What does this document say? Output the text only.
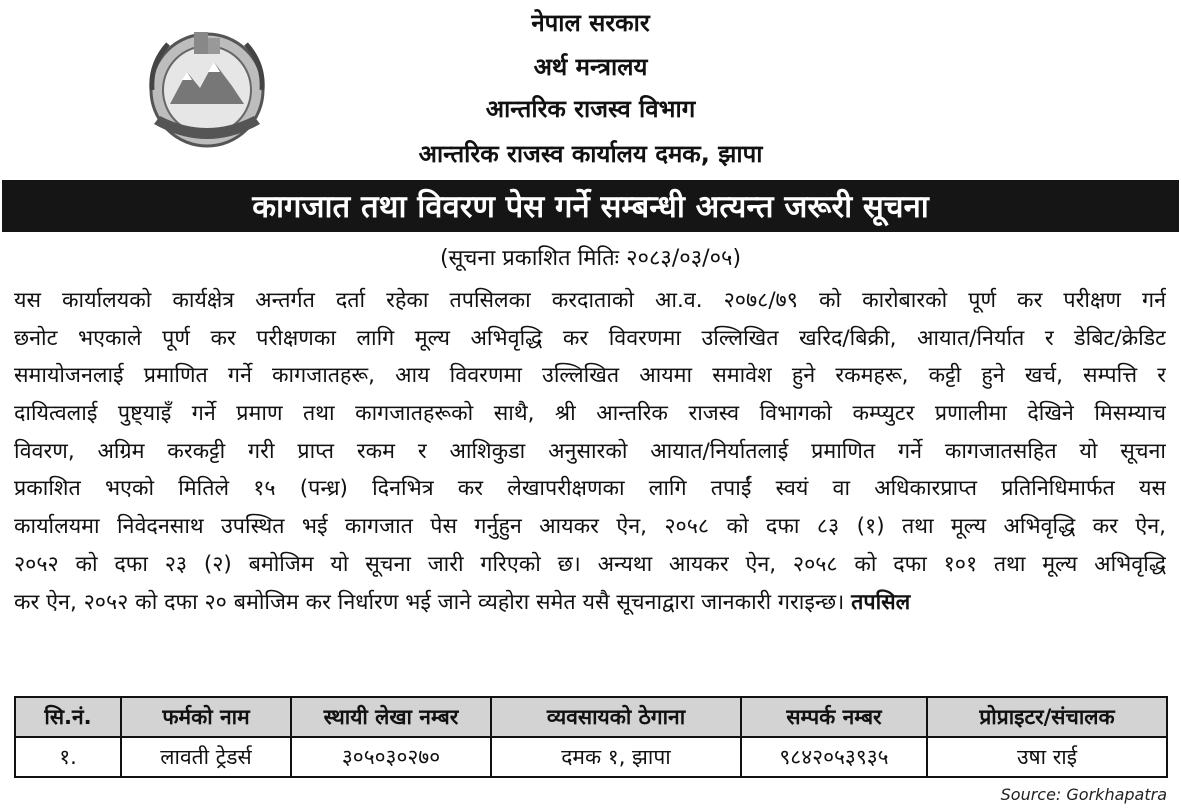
नेपाल सरकार
अर्थ मन्त्रालय
आन्तरिक राजस्व विभाग
आन्तरिक राजस्व कार्यालय दमक, झापा
कागजात तथा विवरण पेस गर्ने सम्बन्धी अत्यन्त जरूरी सूचना
(सूचना प्रकाशित मितिः २०८३/०३/०५)
यस कार्यालयको कार्यक्षेत्र अन्तर्गत दर्ता रहेका तपसिलका करदाताको आ.व. २०७८/७९ को कारोबारको पूर्ण कर परीक्षण गर्न
छनोट भएकाले पूर्ण कर परीक्षणका लागि मूल्य अभिवृद्धि कर विवरणमा उल्लिखित खरिद/बिक्री, आयात/निर्यात र डेबिट/क्रेडिट
समायोजनलाई प्रमाणित गर्ने कागजातहरू, आय विवरणमा उल्लिखित आयमा समावेश हुने रकमहरू, कट्टी हुने खर्च, सम्पत्ति र
दायित्वलाई पुष्ट्याइँ गर्ने प्रमाण तथा कागजातहरूको साथै, श्री आन्तरिक राजस्व विभागको कम्प्युटर प्रणालीमा देखिने मिसम्याच
विवरण, अग्रिम करकट्टी गरी प्राप्त रकम र आशिकुडा अनुसारको आयात/निर्यातलाई प्रमाणित गर्ने कागजातसहित यो सूचना
प्रकाशित भएको मितिले १५ (पन्ध्र) दिनभित्र कर लेखापरीक्षणका लागि तपाईं स्वयं वा अधिकारप्राप्त प्रतिनिधिमार्फत यस
कार्यालयमा निवेदनसाथ उपस्थित भई कागजात पेस गर्नुहुन आयकर ऐन, २०५८ को दफा ८३ (१) तथा मूल्य अभिवृद्धि कर ऐन,
२०५२ को दफा २३ (२) बमोजिम यो सूचना जारी गरिएको छ। अन्यथा आयकर ऐन, २०५८ को दफा १०१ तथा मूल्य अभिवृद्धि
कर ऐन, २०५२ को दफा २० बमोजिम कर निर्धारण भई जाने व्यहोरा समेत यसै सूचनाद्वारा जानकारी गराइन्छ। तपसिल
सि.नं.	फर्मको नाम	स्थायी लेखा नम्बर	व्यवसायको ठेगाना	सम्पर्क नम्बर	प्रोप्राइटर/संचालक
१.	लावती ट्रेडर्स	३०५०३०२७०	दमक १, झापा	९८४२०५३९३५	उषा राई
Source: Gorkhapatra
